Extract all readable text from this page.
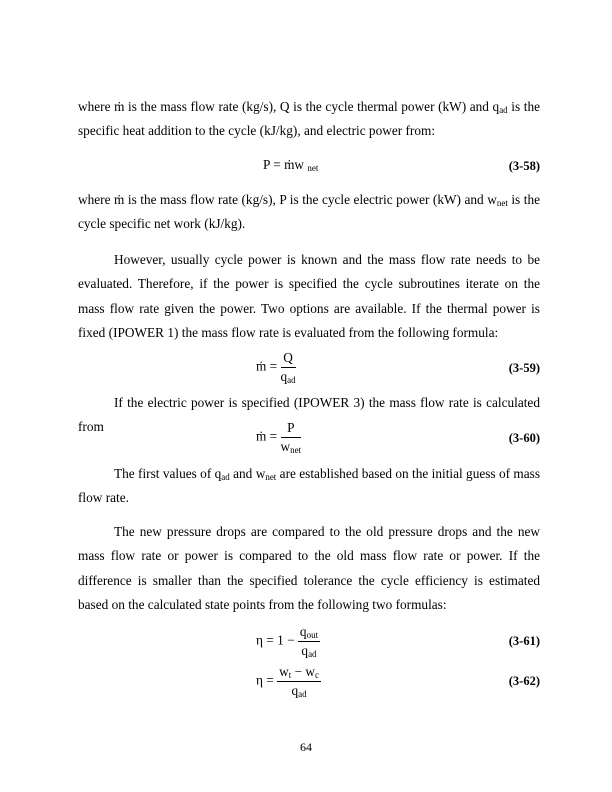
where ṁ is the mass flow rate (kg/s), Q is the cycle thermal power (kW) and $q_{ad}$ is the specific heat addition to the cycle (kJ/kg), and electric power from:
P = ṁw $_{net}$	(3-58)
where ṁ is the mass flow rate (kg/s), P is the cycle electric power (kW) and $w_{net}$ is the cycle specific net work (kJ/kg).
However, usually cycle power is known and the mass flow rate needs to be evaluated. Therefore, if the power is specified the cycle subroutines iterate on the mass flow rate given the power. Two options are available. If the thermal power is fixed (IPOWER 1) the mass flow rate is evaluated from the following formula:
ṁ = $\frac{Q}{q_{ad}}$	(3-59)
If the electric power is specified (IPOWER 3) the mass flow rate is calculated from
ṁ = $\frac{P}{w_{net}}$	(3-60)
The first values of $q_{ad}$ and $w_{net}$ are established based on the initial guess of mass flow rate.
The new pressure drops are compared to the old pressure drops and the new mass flow rate or power is compared to the old mass flow rate or power. If the difference is smaller than the specified tolerance the cycle efficiency is estimated based on the calculated state points from the following two formulas:
$\eta = 1 - \frac{q_{out}}{q_{ad}}$	(3-61)
$\eta = \frac{w_t - w_c}{q_{ad}}$	(3-62)
64
